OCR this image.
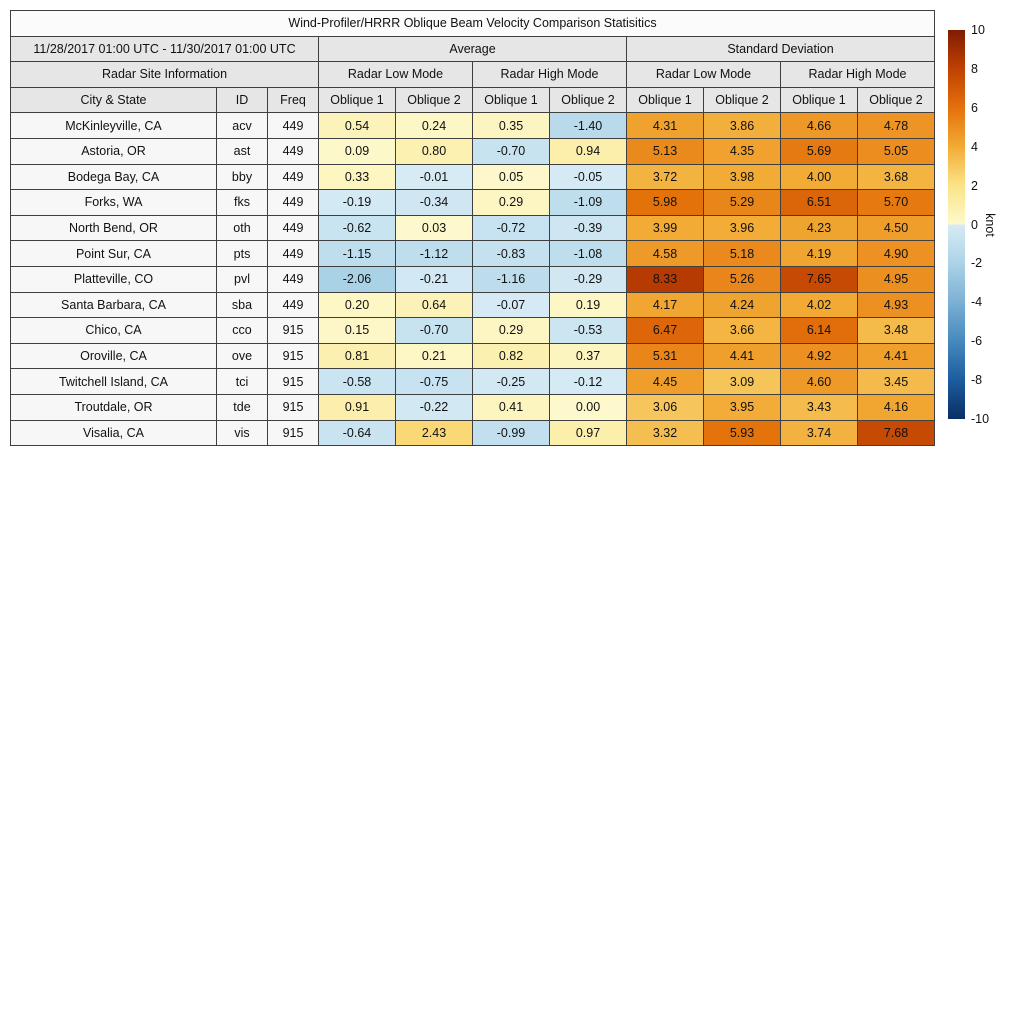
Wind-Profiler/HRRR Oblique Beam Velocity Comparison Statisitics										
11/28/2017 01:00 UTC - 11/30/2017 01:00 UTC			Average				Standard Deviation			
Radar Site Information			Radar Low Mode		Radar High Mode		Radar Low Mode		Radar High Mode	
City & State	ID	Freq	Oblique 1	Oblique 2	Oblique 1	Oblique 2	Oblique 1	Oblique 2	Oblique 1	Oblique 2
McKinleyville, CA	acv	449	0.54	0.24	0.35	-1.40	4.31	3.86	4.66	4.78
Astoria, OR	ast	449	0.09	0.80	-0.70	0.94	5.13	4.35	5.69	5.05
Bodega Bay, CA	bby	449	0.33	-0.01	0.05	-0.05	3.72	3.98	4.00	3.68
Forks, WA	fks	449	-0.19	-0.34	0.29	-1.09	5.98	5.29	6.51	5.70
North Bend, OR	oth	449	-0.62	0.03	-0.72	-0.39	3.99	3.96	4.23	4.50
Point Sur, CA	pts	449	-1.15	-1.12	-0.83	-1.08	4.58	5.18	4.19	4.90
Platteville, CO	pvl	449	-2.06	-0.21	-1.16	-0.29	8.33	5.26	7.65	4.95
Santa Barbara, CA	sba	449	0.20	0.64	-0.07	0.19	4.17	4.24	4.02	4.93
Chico, CA	cco	915	0.15	-0.70	0.29	-0.53	6.47	3.66	6.14	3.48
Oroville, CA	ove	915	0.81	0.21	0.82	0.37	5.31	4.41	4.92	4.41
Twitchell Island, CA	tci	915	-0.58	-0.75	-0.25	-0.12	4.45	3.09	4.60	3.45
Troutdale, OR	tde	915	0.91	-0.22	0.41	0.00	3.06	3.95	3.43	4.16
Visalia, CA	vis	915	-0.64	2.43	-0.99	0.97	3.32	5.93	3.74	7.68
10
8
6
4
2
0
-2
-4
-6
-8
-10
knot
